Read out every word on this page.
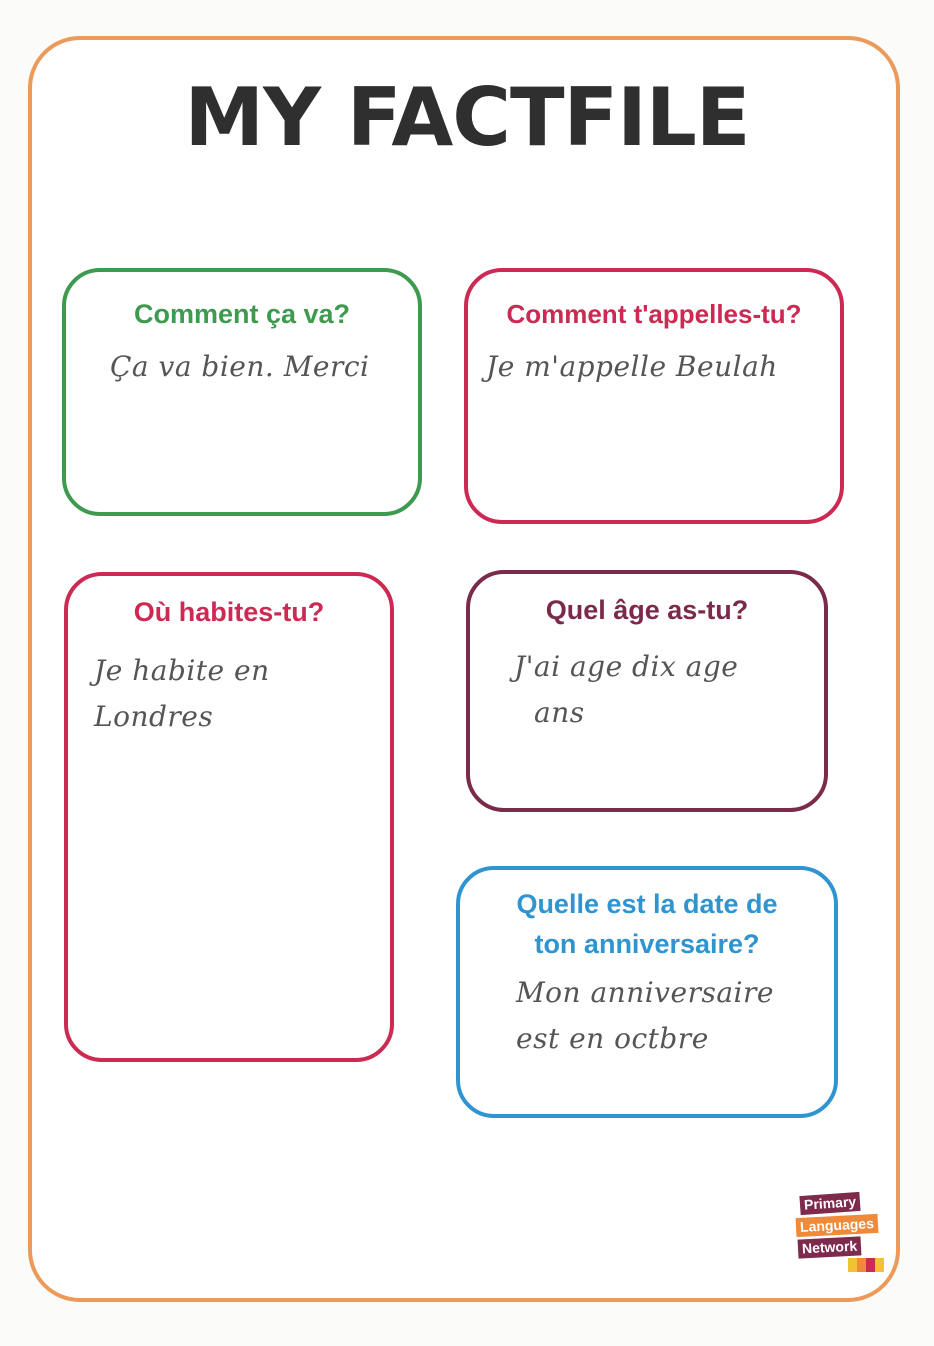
MY FACTFILE
Comment ça va?
Ça va bien. Merci
Comment t'appelles-tu?
Je m'appelle Beulah
Où habites-tu?
Je habite en Londres
Quel âge as-tu?
J'ai age dix age
ans
Quelle est la date de
ton anniversaire?
Mon anniversaire
est en octbre
Primary
Languages
Network
